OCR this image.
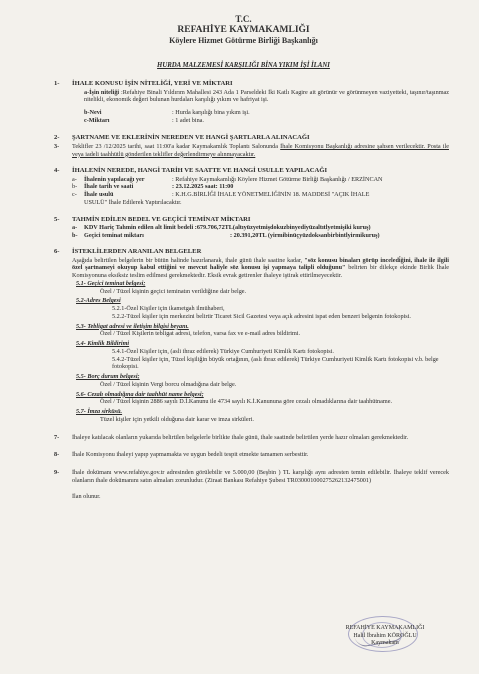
T.C.
REFAHİYE KAYMAKAMLIĞI
Köylere Hizmet Götürme Birliği Başkanlığı
HURDA MALZEMESİ KARŞILIĞI BİNA YIKIM İŞİ İLANI
1-	İHALE KONUSU İŞİN NİTELİĞİ, YERİ VE MİKTARI
a-İşin niteliği :Refahiye Binali Yıldırım Mahallesi 243 Ada 1 Parseldeki İki Katlı Kagire ait görünür ve görünmeyen vaziyetteki, taşınır/taşınmaz nitelikli, ekonomik değeri bulunan hurdaları karşılığı yıkım ve hafriyat işi.
b-Nevi	: Hurda karşılığı bina yıkım işi.
c-Miktarı	: 1 adet bina.
2-	ŞARTNAME VE EKLERİNİN NEREDEN VE HANGİ ŞARTLARLA ALINACAĞI
3-	Teklifler 23 /12/2025 tarihi, saat 11:00'a kadar Kaymakamlık Toplantı Salonunda İhale Komisyonu Başkanlığı adresine şahsen verilecektir. Posta ile veya iadeli taahhütlü gönderilen teklifler değerlendirmeye alınmayacaktır.
4-	İHALENİN NEREDE, HANGİ TARİH VE SAATTE VE HANGİ USULLE YAPILACAĞI
a-	İhalenin yapılacağı yer	: Refahiye Kaymakamlığı Köylere Hizmet Götürme Birliği Başkanlığı / ERZİNCAN
b-	İhale tarih ve saati	: 23.12.2025 saat: 11:00
c-	İhale usulü	: K.H.G.BİRLİĞİ İHALE YÖNETMELİĞİNİN 18. MADDESİ "AÇIK İHALE
USULÜ" İhale Edilerek Yaptırılacaktır.
5-	TAHMİN EDİLEN BEDEL VE GEÇİCİ TEMİNAT MİKTARI
a-	KDV Hariç Tahmin edilen alt limit bedeli : 679.706,72TL(altıyüzyetmişdokuzbinyediyüzaltıtlyetmişiki kuruş)
b-	Geçici teminat miktarı	: 20.391,20TL (yirmibinüçyüzdoksanbirbintlyirmikuruş)
6-	İSTEKLİLERDEN ARANILAN BELGELER
Aşağıda belirtilen belgelerin bir bütün halinde hazırlanarak, ihale günü ihale saatine kadar, "söz konusu binaları görüp inceledi̇ğini, ihale ile ilgili özel şartnameyi okuyup kabul ettiğini ve mevcut haliyle söz konusu işi yapmaya talipli olduğunu" belirten bir dilekçe ekinde Birlik İhale Komisyonuna eksiksiz teslim edilmesi gerekmektedir. Eksik evrak getirenler ihaleye iştirak ettirilmeyecektir.
5.1- Geçici teminat belgesi;
Özel / Tüzel kişinin geçici teminatın verildiğine dair belge.
5.2-Adres Belgesi
5.2.1-Özel Kişiler için ikametgah ilmühaberi,
5.2.2-Tüzel kişiler için merkezini belirtir Ticaret Sicil Gazetesi veya açık adresini ispat eden benzeri belgenin fotokopisi.
5.3- Tebligat adresi ve iletişim bilgisi beyanı.
Özel / Tüzel Kişilerin tebligat adresi, telefon, varsa fax ve e-mail adres bildirimi.
5.4- Kimlik Bildirimi
5.4.1-Özel Kişiler için, (asli ihraz edilerek) Türkiye Cumhuriyeti Kimlik Kartı fotokopisi.
5.4.2-Tüzel kişiler için, Tüzel kişiliğin büyük ortağının, (aslı ibraz edilerek) Türkiye Cumhuriyeti Kimlik Kartı fotokopisi v.b. belge fotokopisi.
5.5- Borç durum belgesi;
Özel / Tüzel kişinin Vergi borcu olmadığına dair belge.
5.6- Cezalı olmadığına dair taahhüt name belgesi;
Özel / Tüzel kişinin 2886 sayılı D.İ.Kanunu ile 4734 sayılı K.İ.Kanununa göre cezalı olmadıklarına dair taahhütname.
5.7- İmza sirküsü.
Tüzel kişiler için yetkili olduğuna dair karar ve imza sirküleri.
7-	İhaleye katılacak olanların yukarıda belirtilen belgelerle birlikte ihale günü, ihale saatinde belirtilen yerde hazır olmaları gerekmektedir.
8-	İhale Komisyonu ihaleyi yapıp yapmamakta ve uygun bedeli tespit etmekte tamamen serbesttir.
9-	İhale dokümanı www.refahiye.gov.tr adresinden görülebilir ve 5.000,00 (Beşbin ) TL karşılığı aynı adresten temin edilebilir. İhaleye teklif verecek olanların ihale dokümanını satın almaları zorunludur. (Ziraat Bankası Refahiye Şubesi TR030001000275262132475001)
İlan olunur.
REFAHİYE KAYMAKAMLIĞI
Halil İbrahim KÖROĞLU
Kaymakam
